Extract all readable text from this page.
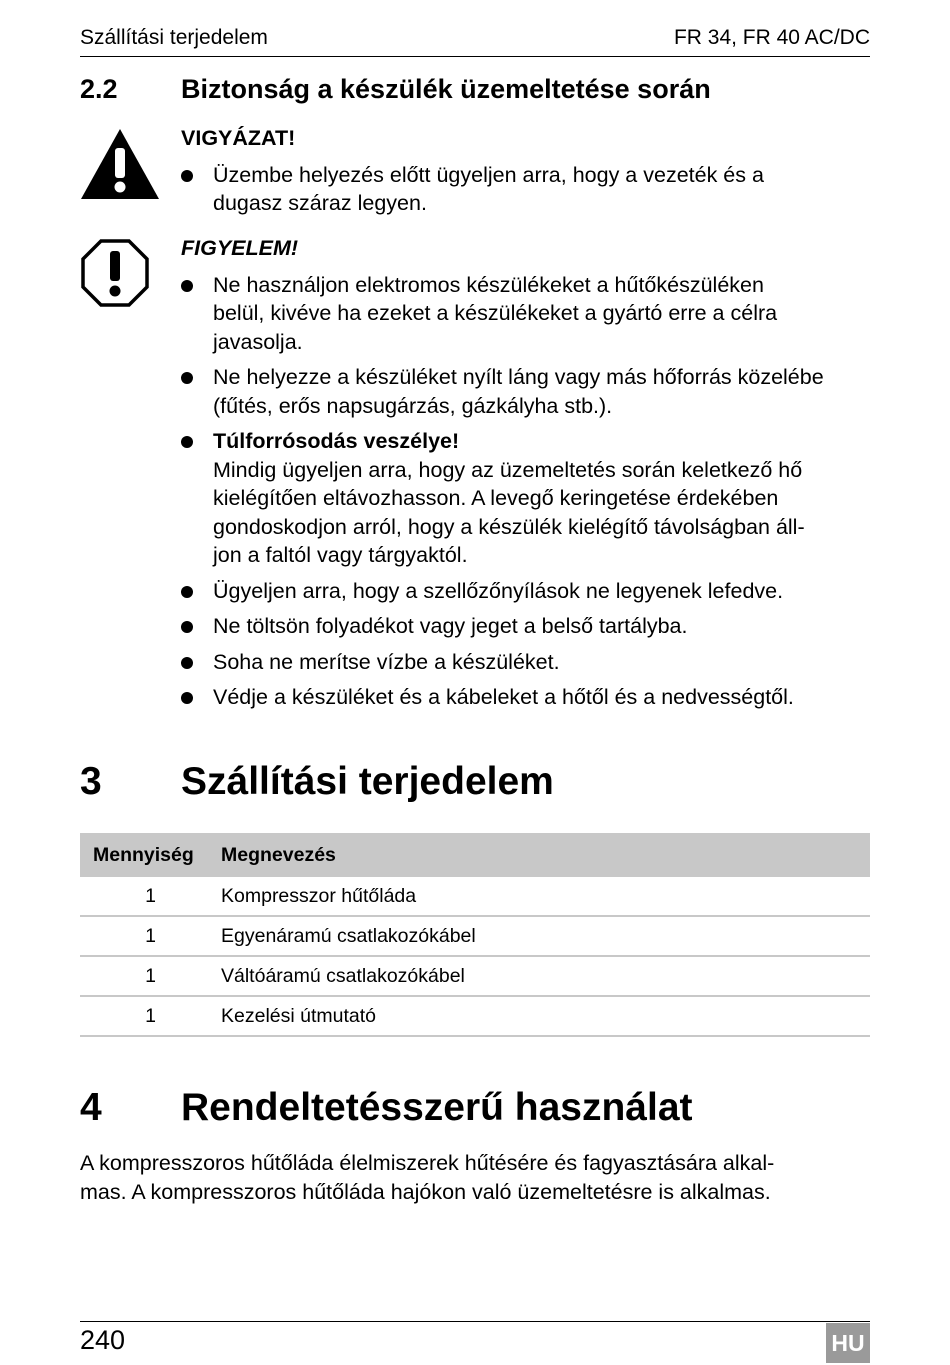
Szállítási terjedelem	FR 34, FR 40 AC/DC
2.2 Biztonság a készülék üzemeltetése során
VIGYÁZAT!
Üzembe helyezés előtt ügyeljen arra, hogy a vezeték és a
dugasz száraz legyen.
FIGYELEM!
Ne használjon elektromos készülékeket a hűtőkészüléken
belül, kivéve ha ezeket a készülékeket a gyártó erre a célra
javasolja.
Ne helyezze a készüléket nyílt láng vagy más hőforrás közelébe
(fűtés, erős napsugárzás, gázkályha stb.).
Túlforrósodás veszélye!
Mindig ügyeljen arra, hogy az üzemeltetés során keletkező hő
kielégítően eltávozhasson. A levegő keringetése érdekében
gondoskodjon arról, hogy a készülék kielégítő távolságban áll-
jon a faltól vagy tárgyaktól.
Ügyeljen arra, hogy a szellőzőnyílások ne legyenek lefedve.
Ne töltsön folyadékot vagy jeget a belső tartályba.
Soha ne merítse vízbe a készüléket.
Védje a készüléket és a kábeleket a hőtől és a nedvességtől.
3 Szállítási terjedelem
Mennyiség	Megnevezés
1	Kompresszor hűtőláda
1	Egyenáramú csatlakozókábel
1	Váltóáramú csatlakozókábel
1	Kezelési útmutató
4 Rendeltetésszerű használat
A kompresszoros hűtőláda élelmiszerek hűtésére és fagyasztására alkal-
mas. A kompresszoros hűtőláda hajókon való üzemeltetésre is alkalmas.
240	HU
